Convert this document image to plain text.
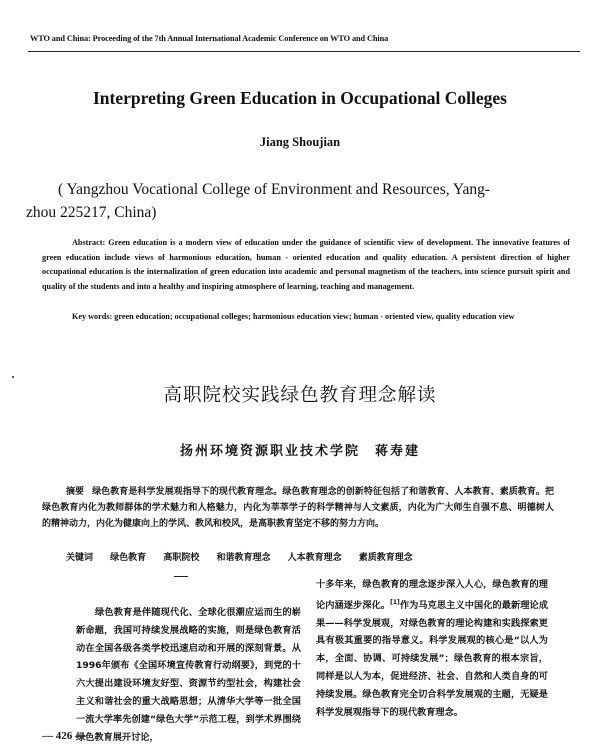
WTO and China: Proceeding of the 7th Annual International Academic Conference on WTO and China
Interpreting Green Education in Occupational Colleges
Jiang Shoujian
( Yangzhou Vocational College of Environment and Resources, Yang-
zhou 225217, China)
Abstract: Green education is a modern view of education under the guidance of scientific view of development. The innovative features of green education include views of harmonious education, human - oriented education and quality education. A persistent direction of higher occupational education is the internalization of green education into academic and personal magnetism of the teachers, into science pursuit spirit and quality of the students and into a healthy and inspiring atmosphere of learning, teaching and management.
Key words: green education; occupational colleges; harmonious education view; human - oriented view, quality education view
高职院校实践绿色教育理念解读
扬州环境资源职业技术学院　蒋寿建
摘要 绿色教育是科学发展观指导下的现代教育理念。绿色教育理念的创新特征包括了和谐教育、人本教育、素质教育。把绿色教育内化为教师群体的学术魅力和人格魅力，内化为莘莘学子的科学精神与人文素质，内化为广大师生自强不息、明德树人的精神动力，内化为健康向上的学风、教风和校风，是高职教育坚定不移的努力方向。
关键词 绿色教育 高职院校 和谐教育理念 人本教育理念 素质教育理念
绿色教育是伴随现代化、全球化很潮应运而生的崭新命题，我国可持续发展战略的实施，则是绿色教育活动在全国各级各类学校迅速启动和开展的深刻背景。从1996年颁布《全国环境宣传教育行动纲要》，到党的十六大提出建设环境友好型、资源节约型社会，构建社会主义和谐社会的重大战略思想；从清华大学等一批全国一流大学率先创建“绿色大学”示范工程，到学术界围绕绿色教育展开讨论，
十多年来，绿色教育的理念逐步深入人心，绿色教育的理论内涵逐步深化。[1]作为马克思主义中国化的最新理论成果——科学发展观，对绿色教育的理论构建和实践探索更具有极其重要的指导意义。科学发展观的核心是“以人为本，全面、协调、可持续发展”；绿色教育的根本宗旨，同样是以人为本，促进经济、社会、自然和人类自身的可持续发展。绿色教育完全切合科学发展观的主题，无疑是科学发展观指导下的现代教育理念。
— 426 —
